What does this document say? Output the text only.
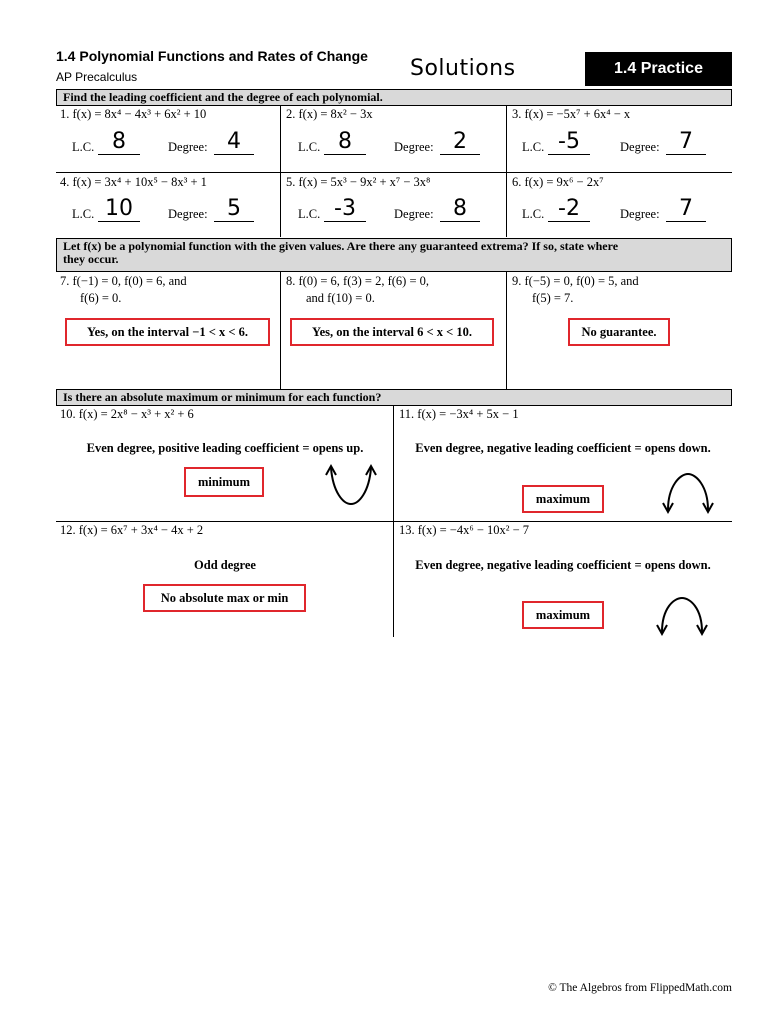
1.4 Polynomial Functions and Rates of Change
AP Precalculus	Solutions	1.4 Practice
Find the leading coefficient and the degree of each polynomial.
1. f(x) = 8x⁴ − 4x³ + 6x² + 10
L.C. 8	Degree: 4
2. f(x) = 8x² − 3x
L.C. 8	Degree: 2
3. f(x) = −5x⁷ + 6x⁴ − x
L.C. -5	Degree: 7
4. f(x) = 3x⁴ + 10x⁵ − 8x³ + 1
L.C. 10	Degree: 5
5. f(x) = 5x³ − 9x² + x⁷ − 3x⁸
L.C. -3	Degree: 8
6. f(x) = 9x⁶ − 2x⁷
L.C. -2	Degree: 7
Let f(x) be a polynomial function with the given values. Are there any guaranteed extrema? If so, state where
they occur.
7. f(−1) = 0, f(0) = 6, and
f(6) = 0.
Yes, on the interval −1 < x < 6.
8. f(0) = 6, f(3) = 2, f(6) = 0,
and f(10) = 0.
Yes, on the interval 6 < x < 10.
9. f(−5) = 0, f(0) = 5, and
f(5) = 7.
No guarantee.
Is there an absolute maximum or minimum for each function?
10. f(x) = 2x⁸ − x³ + x² + 6
Even degree, positive leading coefficient = opens up.
minimum
11. f(x) = −3x⁴ + 5x − 1
Even degree, negative leading coefficient = opens down.
maximum
12. f(x) = 6x⁷ + 3x⁴ − 4x + 2
Odd degree
No absolute max or min
13. f(x) = −4x⁶ − 10x² − 7
Even degree, negative leading coefficient = opens down.
maximum
© The Algebros from FlippedMath.com
